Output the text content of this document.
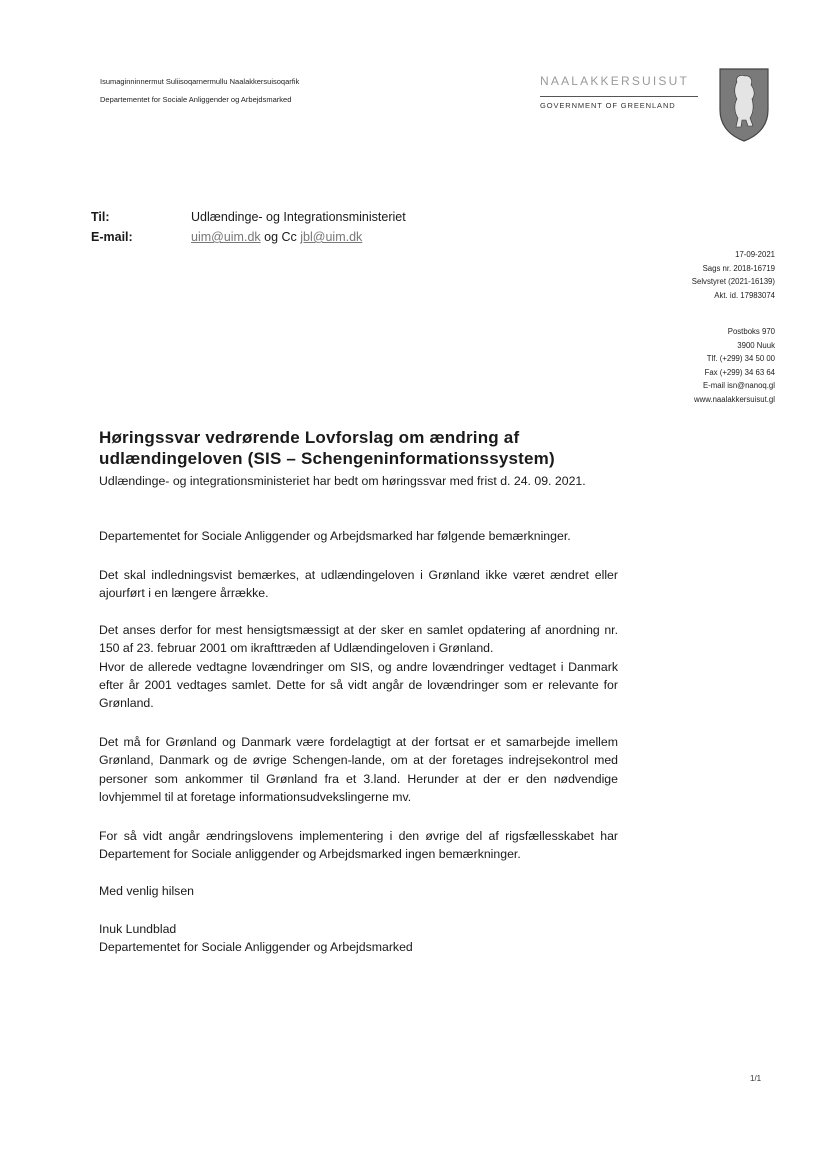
Isumaginninnermut Suliisoqarnermullu Naalakkersuisoqarfik
Departementet for Sociale Anliggender og Arbejdsmarked
NAALAKKERSUISUT
GOVERNMENT OF GREENLAND
Til:	Udlændinge- og Integrationsministeriet
E-mail:	uim@uim.dk og Cc jbl@uim.dk
17-09-2021
Sags nr. 2018-16719
Selvstyret (2021-16139)
Akt. id. 17983074
Postboks 970
3900 Nuuk
Tlf. (+299) 34 50 00
Fax (+299) 34 63 64
E-mail isn@nanoq.gl
www.naalakkersuisut.gl
Høringssvar vedrørende Lovforslag om ændring af udlændingeloven (SIS – Schengeninformationssystem)

Udlændinge- og integrationsministeriet har bedt om høringssvar med frist d. 24. 09. 2021.

Departementet for Sociale Anliggender og Arbejdsmarked har følgende bemærkninger.

Det skal indledningsvist bemærkes, at udlændingeloven i Grønland ikke været ændret eller ajourført i en længere årrække.

Det anses derfor for mest hensigtsmæssigt at der sker en samlet opdatering af anordning nr. 150 af 23. februar 2001 om ikrafttræden af Udlændingeloven i Grønland.

Hvor de allerede vedtagne lovændringer om SIS, og andre lovændringer vedtaget i Danmark efter år 2001 vedtages samlet. Dette for så vidt angår de lovændringer som er relevante for Grønland.

Det må for Grønland og Danmark være fordelagtigt at der fortsat er et samarbejde imellem Grønland, Danmark og de øvrige Schengen-lande, om at der foretages indrejsekontrol med personer som ankommer til Grønland fra et 3.land. Herunder at der er den nødvendige lovhjemmel til at foretage informationsudvekslingerne mv.

For så vidt angår ændringslovens implementering i den øvrige del af rigsfællesskabet har Departement for Sociale anliggender og Arbejdsmarked ingen bemærkninger.

Med venlig hilsen

Inuk Lundblad

Departementet for Sociale Anliggender og Arbejdsmarked

1/1
